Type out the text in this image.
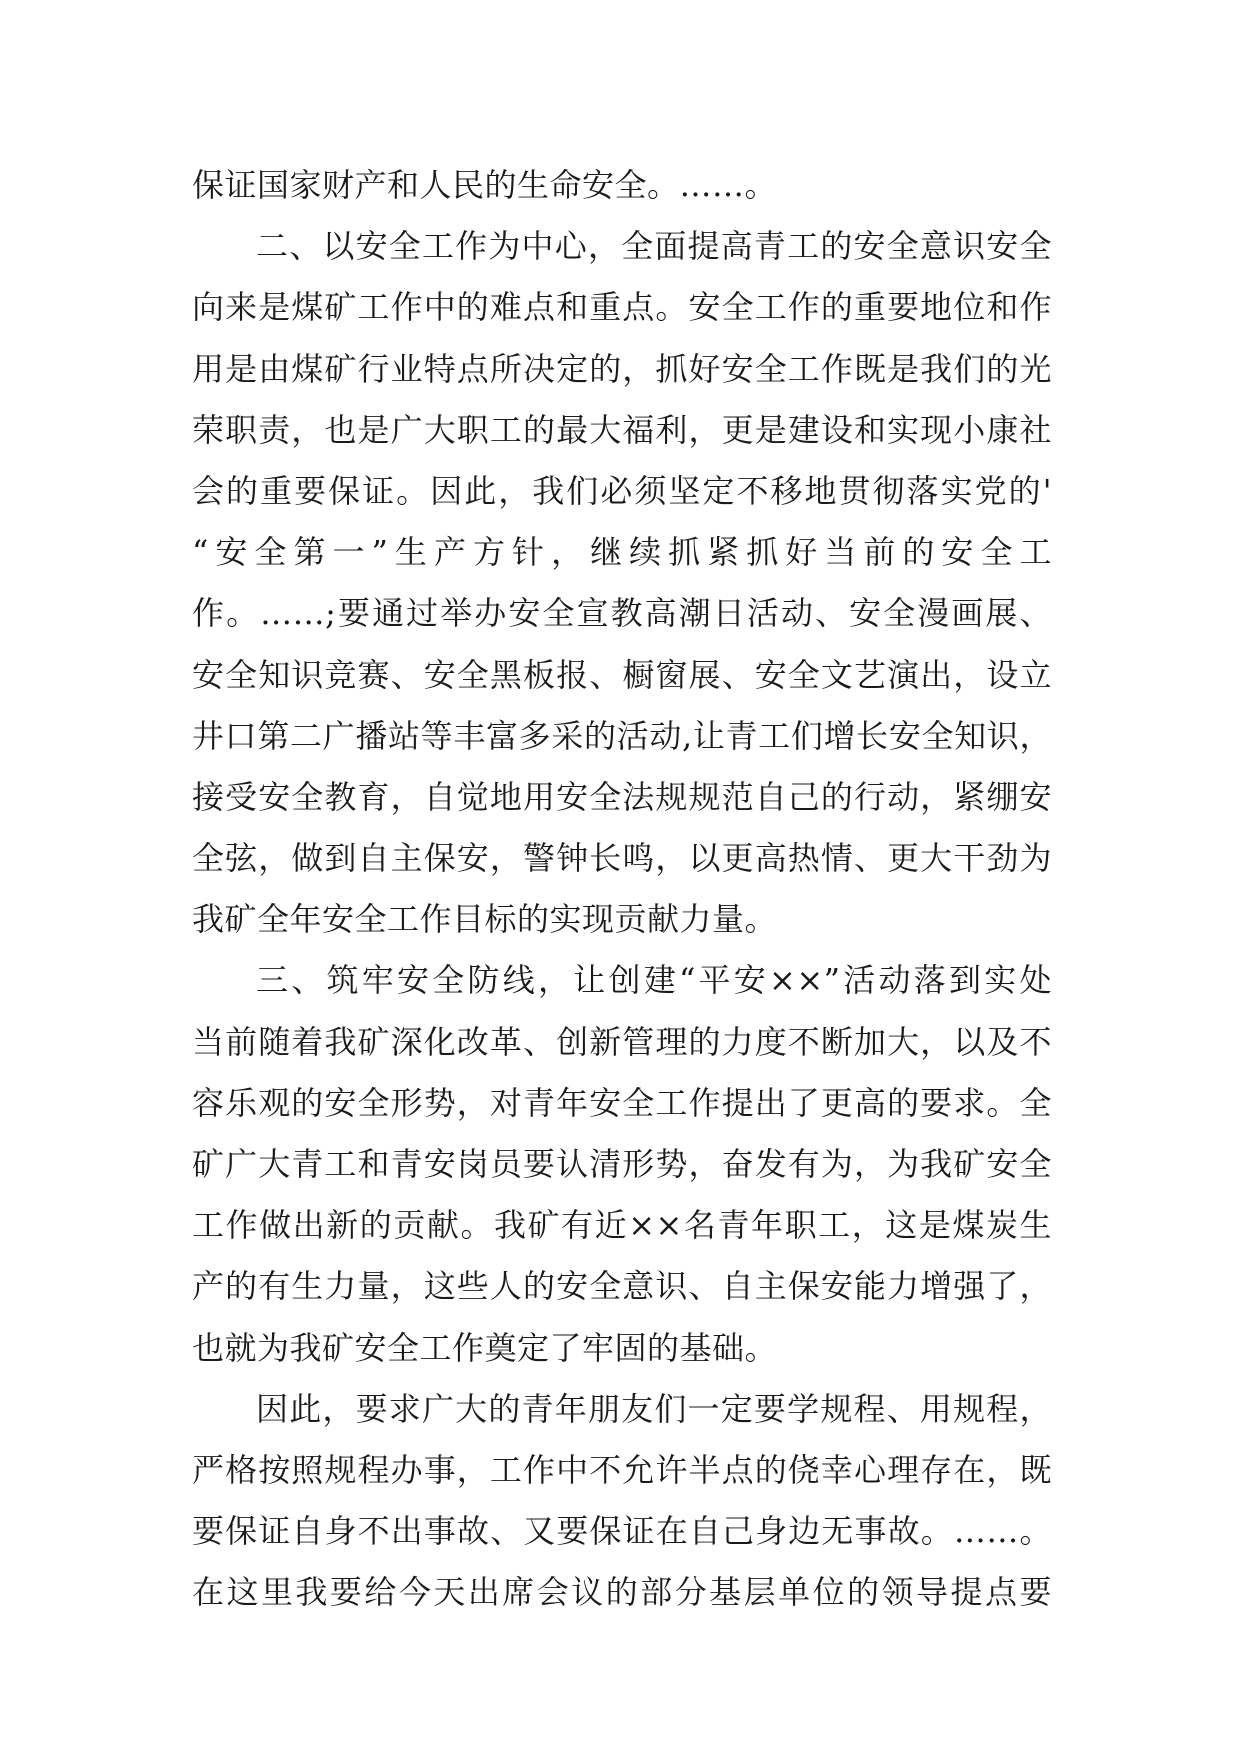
保证国家财产和人民的生命安全。……。
二、以安全工作为中心，全面提高青工的安全意识安全
向来是煤矿工作中的难点和重点。安全工作的重要地位和作
用是由煤矿行业特点所决定的，抓好安全工作既是我们的光
荣职责，也是广大职工的最大福利，更是建设和实现小康社
会的重要保证。因此，我们必须坚定不移地贯彻落实党的'
“安全第一”生产方针，继续抓紧抓好当前的安全工
作。……;要通过举办安全宣教高潮日活动、安全漫画展、
安全知识竞赛、安全黑板报、橱窗展、安全文艺演出，设立
井口第二广播站等丰富多采的活动,让青工们增长安全知识，
接受安全教育，自觉地用安全法规规范自己的行动，紧绷安
全弦，做到自主保安，警钟长鸣，以更高热情、更大干劲为
我矿全年安全工作目标的实现贡献力量。
三、筑牢安全防线，让创建“平安××”活动落到实处
当前随着我矿深化改革、创新管理的力度不断加大，以及不
容乐观的安全形势，对青年安全工作提出了更高的要求。全
矿广大青工和青安岗员要认清形势，奋发有为，为我矿安全
工作做出新的贡献。我矿有近××名青年职工，这是煤炭生
产的有生力量，这些人的安全意识、自主保安能力增强了，
也就为我矿安全工作奠定了牢固的基础。
因此，要求广大的青年朋友们一定要学规程、用规程，
严格按照规程办事，工作中不允许半点的侥幸心理存在，既
要保证自身不出事故、又要保证在自己身边无事故。……。
在这里我要给今天出席会议的部分基层单位的领导提点要
